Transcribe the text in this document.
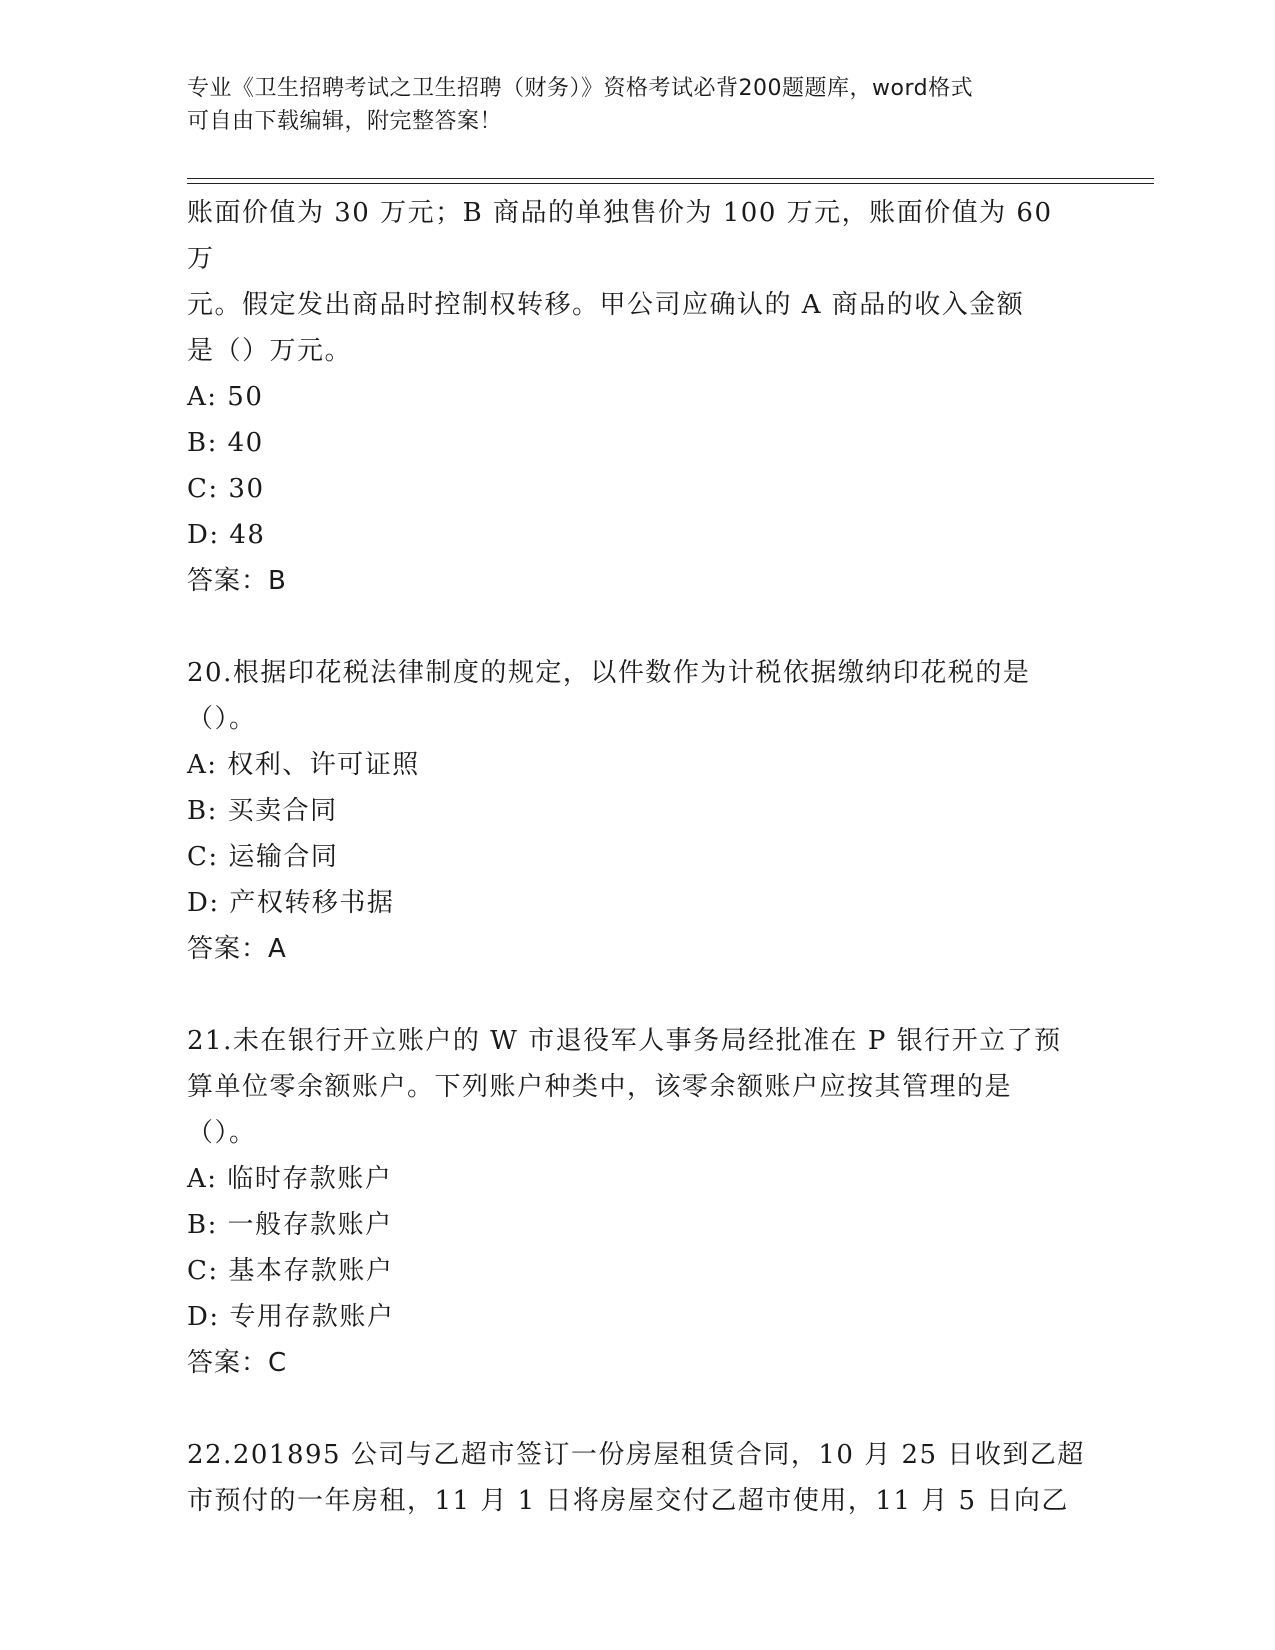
专业《卫生招聘考试之卫生招聘（财务）》资格考试必背200题题库，word格式
可自由下载编辑，附完整答案！

账面价值为 30 万元；B 商品的单独售价为 100 万元，账面价值为 60 万

元。假定发出商品时控制权转移。甲公司应确认的 A 商品的收入金额

是（）万元。

A: 50

B: 40

C: 30

D: 48

答案：B

20.根据印花税法律制度的规定，以件数作为计税依据缴纳印花税的是

（）。

A: 权利、许可证照

B: 买卖合同

C: 运输合同

D: 产权转移书据

答案：A

21.未在银行开立账户的 W 市退役军人事务局经批准在 P 银行开立了预

算单位零余额账户。下列账户种类中，该零余额账户应按其管理的是

（）。

A: 临时存款账户

B: 一般存款账户

C: 基本存款账户

D: 专用存款账户

答案：C

22.201895 公司与乙超市签订一份房屋租赁合同，10 月 25 日收到乙超

市预付的一年房租，11 月 1 日将房屋交付乙超市使用，11 月 5 日向乙
